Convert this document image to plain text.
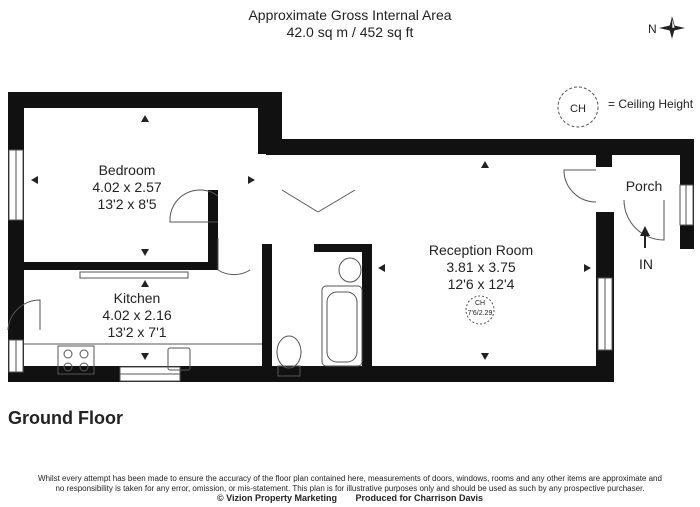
Approximate Gross Internal Area
42.0 sq m / 452 sq ft	N
CH = Ceiling Height
Bedroom
4.02 x 2.57
13'2 x 8'5
Kitchen
4.02 x 2.16
13'2 x 7'1
Reception Room
3.81 x 3.75
12'6 x 12'4
Porch
IN
CH
7'6/2.29
Ground Floor
Whilst every attempt has been made to ensure the accuracy of the floor plan contained here, measurements of doors, windows, rooms and any other items are approximate and
no responsibility is taken for any error, omission, or mis-statement. This plan is for illustrative purposes only and should be used as such by any prospective purchaser.
© Vizion Property Marketing Produced for Charrison Davis
